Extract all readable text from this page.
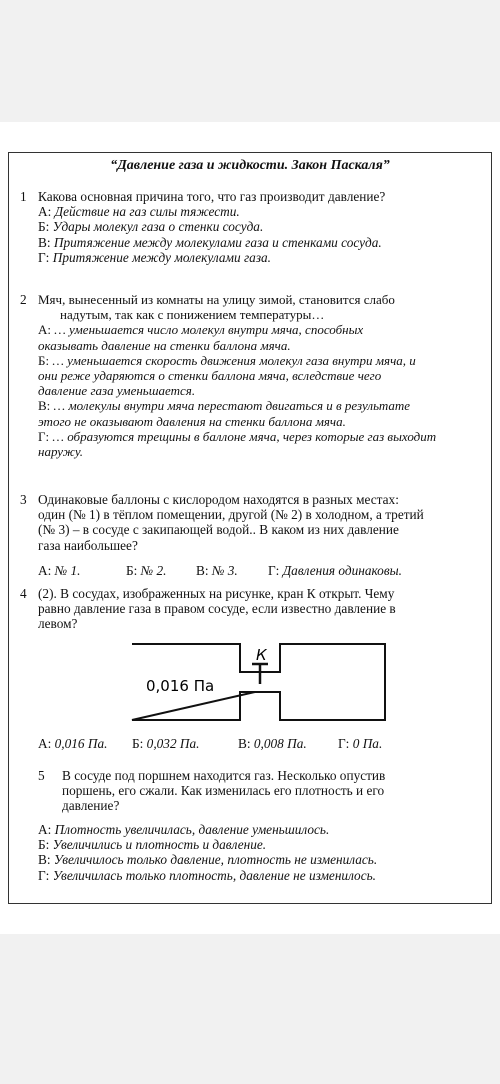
“Давление газа и жидкости. Закон Паскаля”
1 Какова основная причина того, что газ производит давление?
А: Действие на газ силы тяжести.
Б: Удары молекул газа о стенки сосуда.
В: Притяжение между молекулами газа и стенками сосуда.
Г: Притяжение между молекулами газа.
2 Мяч, вынесенный из комнаты на улицу зимой, становится слабо
надутым, так как с понижением температуры…
А: … уменьшается число молекул внутри мяча, способных
оказывать давление на стенки баллона мяча.
Б: … уменьшается скорость движения молекул газа внутри мяча, и
они реже ударяются о стенки баллона мяча, вследствие чего
давление газа уменьшается.
В: … молекулы внутри мяча перестают двигаться и в результате
этого не оказывают давления на стенки баллона мяча.
Г: … образуются трещины в баллоне мяча, через которые газ выходит
наружу.
3 Одинаковые баллоны с кислородом находятся в разных местах:
один (№ 1) в тёплом помещении, другой (№ 2) в холодном, а третий
(№ 3) – в сосуде с закипающей водой.. В каком из них давление
газа наибольшее?
А: № 1.	Б: № 2. В: № 3. Г: Давления одинаковы.
4 (2). В сосудах, изображенных на рисунке, кран К открыт. Чему
равно давление газа в правом сосуде, если известно давление в
левом?
К
0,016 Па
А: 0,016 Па. Б: 0,032 Па.	В: 0,008 Па. Г: 0 Па.
5 В сосуде под поршнем находится газ. Несколько опустив
поршень, его сжали. Как изменилась его плотность и его
давление?
А: Плотность увеличилась, давление уменьшилось.
Б: Увеличились и плотность и давление.
В: Увеличилось только давление, плотность не изменилась.
Г: Увеличилась только плотность, давление не изменилось.
